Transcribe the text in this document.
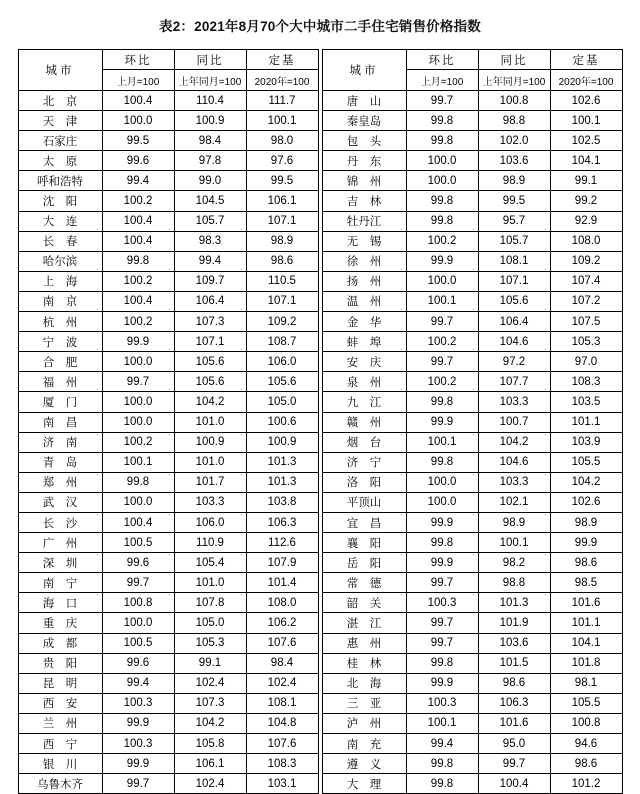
表2：2021年8月70个大中城市二手住宅销售价格指数
城市	环比	同比	定基		城市	环比	同比	定基
	上月=100	上年同月=100	2020年=100			上月=100	上年同月=100	2020年=100
北　京	100.4	110.4	111.7		唐　山	99.7	100.8	102.6
天　津	100.0	100.9	100.1		秦皇岛	99.8	98.8	100.1
石家庄	99.5	98.4	98.0		包　头	99.8	102.0	102.5
太　原	99.6	97.8	97.6		丹　东	100.0	103.6	104.1
呼和浩特	99.4	99.0	99.5		锦　州	100.0	98.9	99.1
沈　阳	100.2	104.5	106.1		吉　林	99.8	99.5	99.2
大　连	100.4	105.7	107.1		牡丹江	99.8	95.7	92.9
长　春	100.4	98.3	98.9		无　锡	100.2	105.7	108.0
哈尔滨	99.8	99.4	98.6		徐　州	99.9	108.1	109.2
上　海	100.2	109.7	110.5		扬　州	100.0	107.1	107.4
南　京	100.4	106.4	107.1		温　州	100.1	105.6	107.2
杭　州	100.2	107.3	109.2		金　华	99.7	106.4	107.5
宁　波	99.9	107.1	108.7		蚌　埠	100.2	104.6	105.3
合　肥	100.0	105.6	106.0		安　庆	99.7	97.2	97.0
福　州	99.7	105.6	105.6		泉　州	100.2	107.7	108.3
厦　门	100.0	104.2	105.0		九　江	99.8	103.3	103.5
南　昌	100.0	101.0	100.6		赣　州	99.9	100.7	101.1
济　南	100.2	100.9	100.9		烟　台	100.1	104.2	103.9
青　岛	100.1	101.0	101.3		济　宁	99.8	104.6	105.5
郑　州	99.8	101.7	101.3		洛　阳	100.0	103.3	104.2
武　汉	100.0	103.3	103.8		平顶山	100.0	102.1	102.6
长　沙	100.4	106.0	106.3		宜　昌	99.9	98.9	98.9
广　州	100.5	110.9	112.6		襄　阳	99.8	100.1	99.9
深　圳	99.6	105.4	107.9		岳　阳	99.9	98.2	98.6
南　宁	99.7	101.0	101.4		常　德	99.7	98.8	98.5
海　口	100.8	107.8	108.0		韶　关	100.3	101.3	101.6
重　庆	100.0	105.0	106.2		湛　江	99.7	101.9	101.1
成　都	100.5	105.3	107.6		惠　州	99.7	103.6	104.1
贵　阳	99.6	99.1	98.4		桂　林	99.8	101.5	101.8
昆　明	99.4	102.4	102.4		北　海	99.9	98.6	98.1
西　安	100.3	107.3	108.1		三　亚	100.3	106.3	105.5
兰　州	99.9	104.2	104.8		泸　州	100.1	101.6	100.8
西　宁	100.3	105.8	107.6		南　充	99.4	95.0	94.6
银　川	99.9	106.1	108.3		遵　义	99.8	99.7	98.6
乌鲁木齐	99.7	102.4	103.1		大　理	99.8	100.4	101.2
